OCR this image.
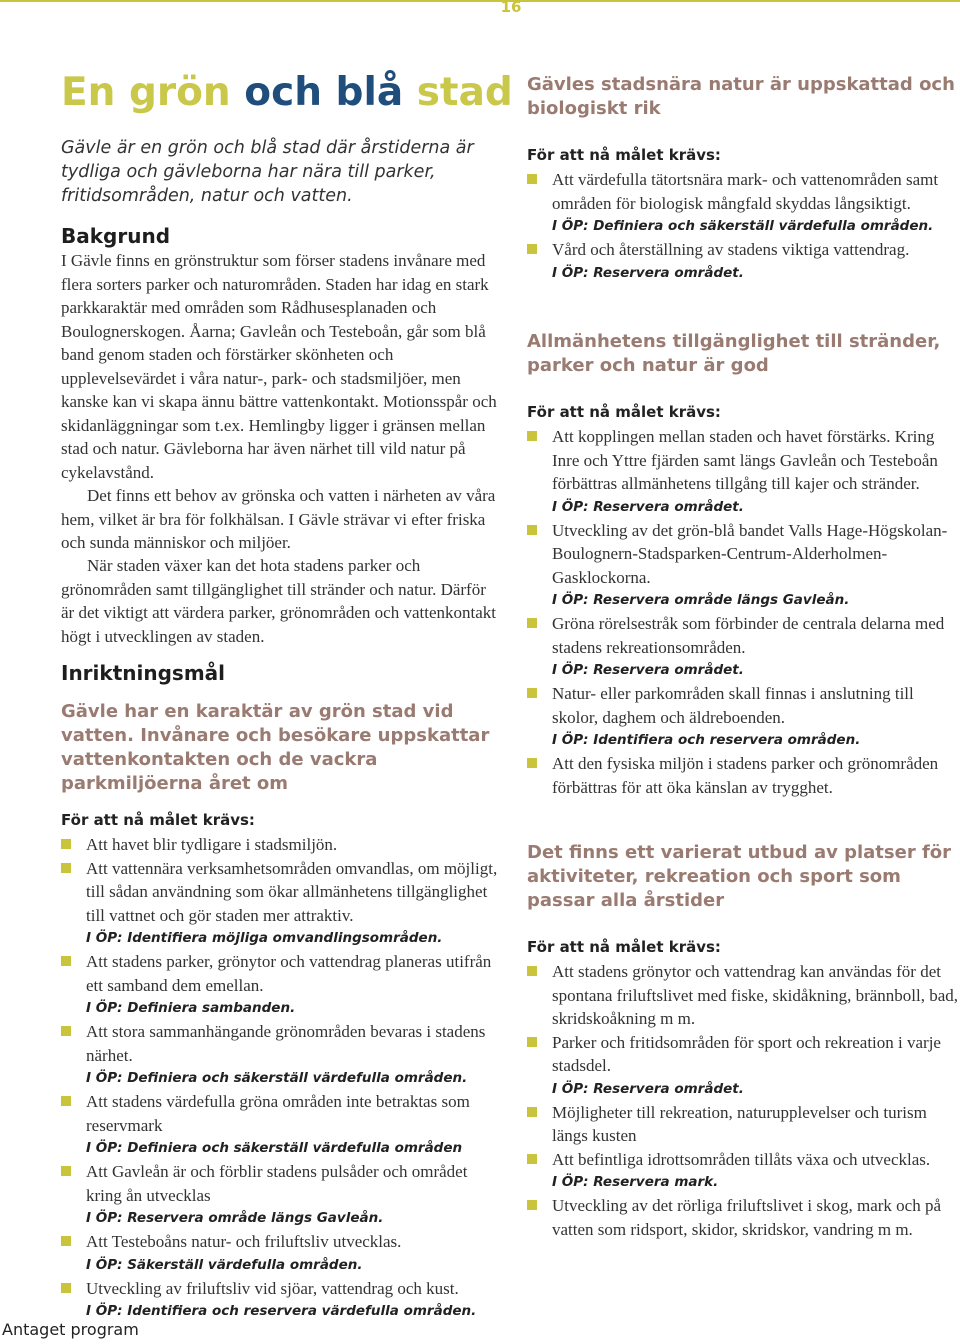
16
En grön och blå stad

Gävle är en grön och blå stad där årstiderna är tydliga och gävleborna har nära till parker, fritidsområden, natur och vatten.

Bakgrund

I Gävle finns en grönstruktur som förser stadens invånare med flera sorters parker och naturområden. Staden har idag en stark parkkaraktär med områden som Rådhusesplanaden och Boulognerskogen. Åarna; Gavleån och Testeboån, går som blå band genom staden och förstärker skönheten och upplevelsevärdet i våra natur-, park- och stadsmiljöer, men kanske kan vi skapa ännu bättre vattenkontakt. Motionsspår och skidanläggningar som t.ex. Hemlingby ligger i gränsen mellan stad och natur. Gävleborna har även närhet till vild natur på cykelavstånd.

Det finns ett behov av grönska och vatten i närheten av våra hem, vilket är bra för folkhälsan. I Gävle strävar vi efter friska och sunda människor och miljöer.

När staden växer kan det hota stadens parker och grönområden samt tillgänglighet till stränder och natur. Därför är det viktigt att värdera parker, grönområden och vattenkontakt högt i utvecklingen av staden.

Inriktningsmål

Gävle har en karaktär av grön stad vid vatten. Invånare och besökare uppskattar vattenkontakten och de vackra parkmiljöerna året om

För att nå målet krävs:

Att havet blir tydligare i stadsmiljön.
Att vattennära verksamhetsområden omvandlas, om möjligt, till sådan användning som ökar allmänhetens tillgänglighet till vattnet och gör staden mer attraktiv.
I ÖP: Identifiera möjliga omvandlingsområden.
Att stadens parker, grönytor och vattendrag planeras utifrån ett samband dem emellan.
I ÖP: Definiera sambanden.
Att stora sammanhängande grönområden bevaras i stadens närhet.
I ÖP: Definiera och säkerställ värdefulla områden.
Att stadens värdefulla gröna områden inte betraktas som reservmark
I ÖP: Definiera och säkerställ värdefulla områden
Att Gavleån är och förblir stadens pulsåder och området kring ån utvecklas
I ÖP: Reservera område längs Gavleån.
Att Testeboåns natur- och friluftsliv utvecklas.
I ÖP: Säkerställ värdefulla områden.
Utveckling av friluftsliv vid sjöar, vattendrag och kust.
I ÖP: Identifiera och reservera värdefulla områden.

Gävles stadsnära natur är uppskattad och biologiskt rik

För att nå målet krävs:

Att värdefulla tätortsnära mark- och vattenområden samt områden för biologisk mångfald skyddas långsiktigt.
I ÖP: Definiera och säkerställ värdefulla områden.
Vård och återställning av stadens viktiga vattendrag.
I ÖP: Reservera området.

Allmänhetens tillgänglighet till stränder, parker och natur är god

För att nå målet krävs:

Att kopplingen mellan staden och havet förstärks. Kring Inre och Yttre fjärden samt längs Gavleån och Testeboån förbättras allmänhetens tillgång till kajer och stränder.
I ÖP: Reservera området.
Utveckling av det grön-blå bandet Valls Hage-Högskolan- Boulognern-Stadsparken-Centrum-Alderholmen-Gasklockorna.
I ÖP: Reservera område längs Gavleån.
Gröna rörelsestråk som förbinder de centrala delarna med stadens rekreationsområden.
I ÖP: Reservera området.
Natur- eller parkområden skall finnas i anslutning till skolor, daghem och äldreboenden.
I ÖP: Identifiera och reservera områden.
Att den fysiska miljön i stadens parker och grönområden förbättras för att öka känslan av trygghet.

Det finns ett varierat utbud av platser för aktiviteter, rekreation och sport som passar alla årstider

För att nå målet krävs:

Att stadens grönytor och vattendrag kan användas för det spontana friluftslivet med fiske, skidåkning, brännboll, bad, skridskoåkning m m.
Parker och fritidsområden för sport och rekreation i varje stadsdel.
I ÖP: Reservera området.
Möjligheter till rekreation, naturupplevelser och turism längs kusten
Att befintliga idrottsområden tillåts växa och utvecklas.
I ÖP: Reservera mark.
Utveckling av det rörliga friluftslivet i skog, mark och på vatten som ridsport, skidor, skridskor, vandring m m.

Antaget program
